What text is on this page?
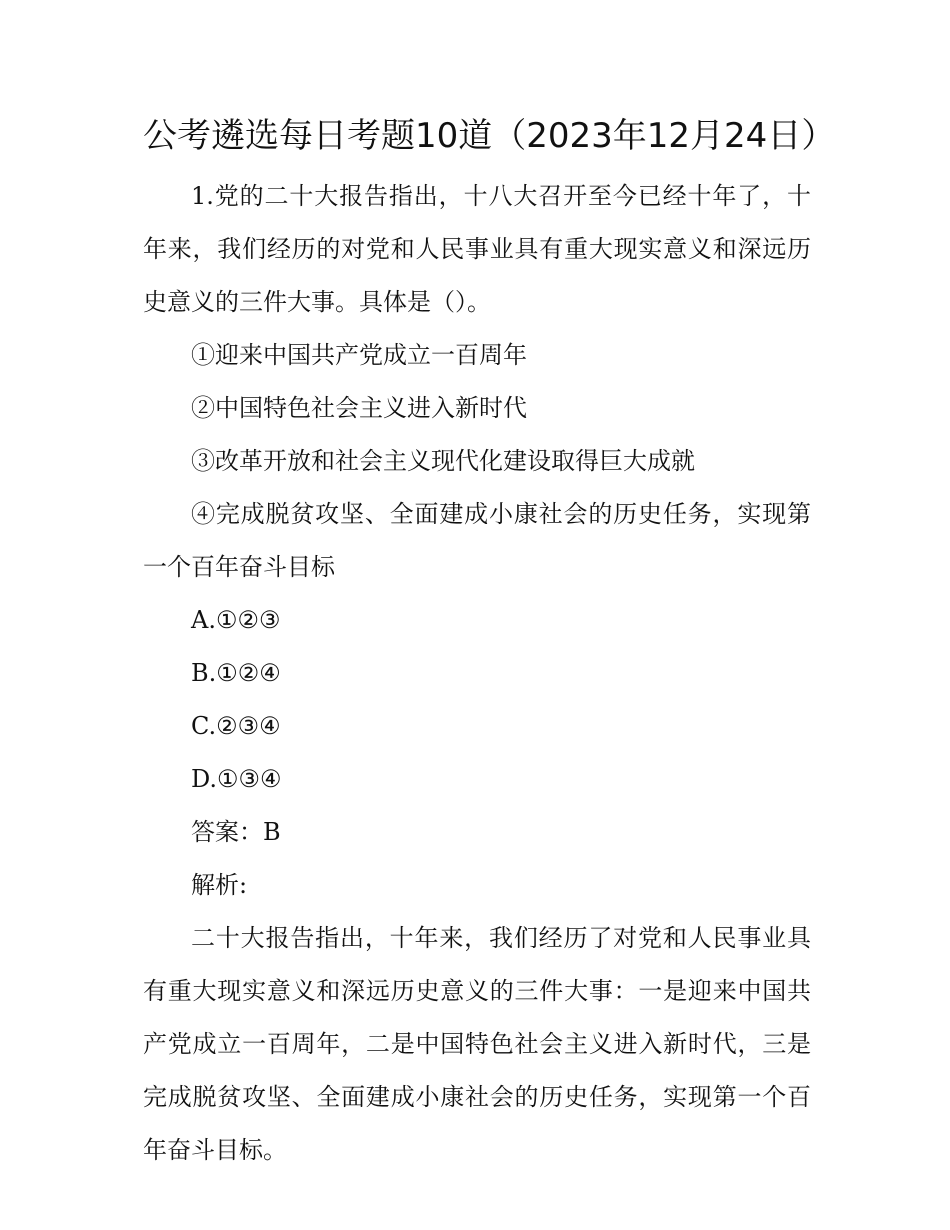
公考遴选每日考题10道（2023年12月24日）

1.党的二十大报告指出，十八大召开至今已经十年了，十年来，我们经历的对党和人民事业具有重大现实意义和深远历史意义的三件大事。具体是（）。

①迎来中国共产党成立一百周年

②中国特色社会主义进入新时代

③改革开放和社会主义现代化建设取得巨大成就

④完成脱贫攻坚、全面建成小康社会的历史任务，实现第一个百年奋斗目标

A.①②③

B.①②④

C.②③④

D.①③④

答案：B

解析:

二十大报告指出，十年来，我们经历了对党和人民事业具有重大现实意义和深远历史意义的三件大事：一是迎来中国共产党成立一百周年，二是中国特色社会主义进入新时代，三是完成脱贫攻坚、全面建成小康社会的历史任务，实现第一个百年奋斗目标。
